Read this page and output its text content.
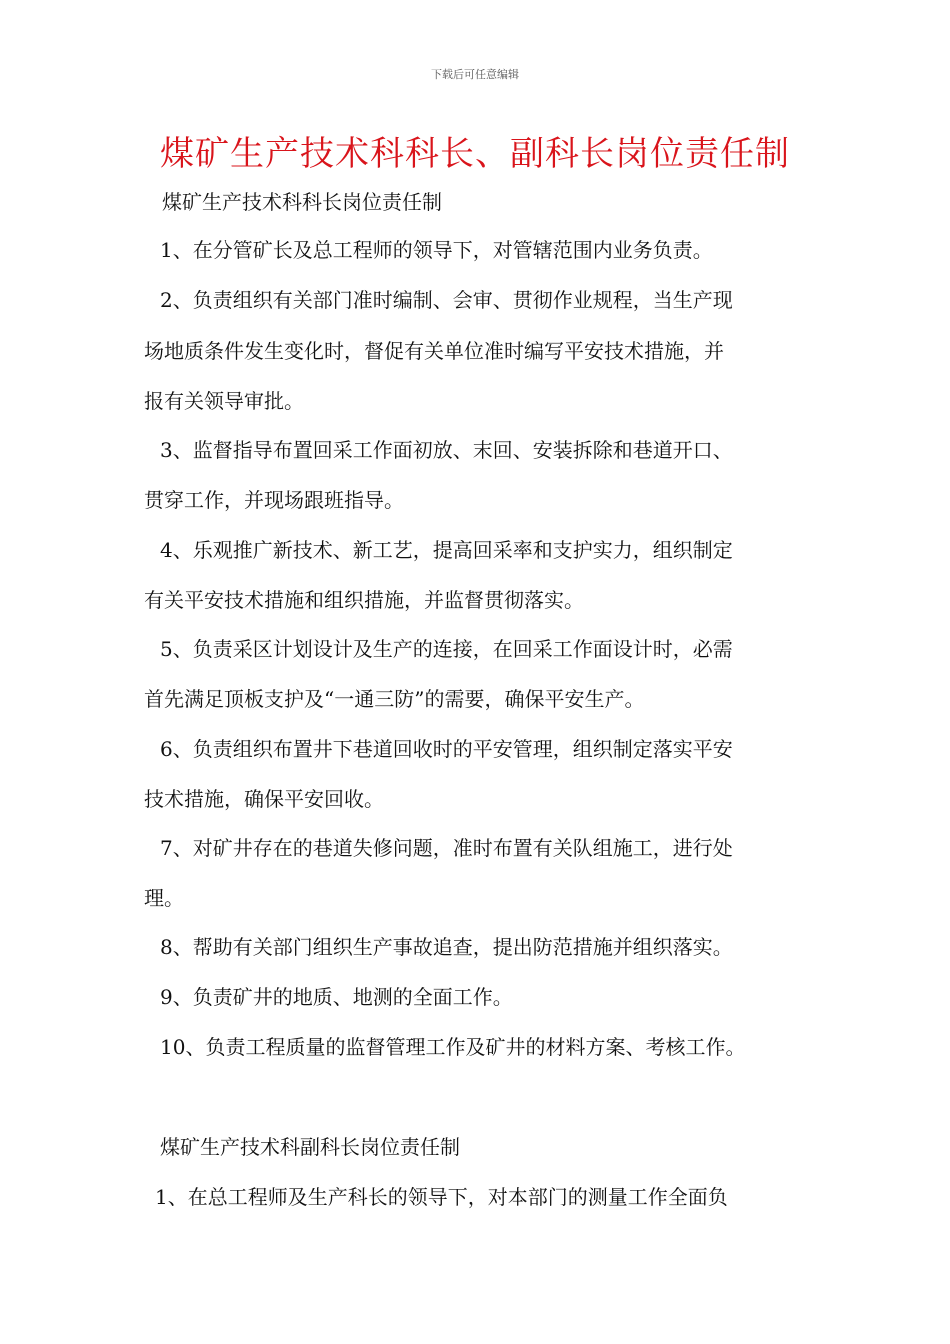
下载后可任意编辑
煤矿生产技术科科长、副科长岗位责任制
煤矿生产技术科科长岗位责任制
1、在分管矿长及总工程师的领导下，对管辖范围内业务负责。
2、负责组织有关部门准时编制、会审、贯彻作业规程，当生产现
场地质条件发生变化时，督促有关单位准时编写平安技术措施，并
报有关领导审批。
3、监督指导布置回采工作面初放、末回、安装拆除和巷道开口、
贯穿工作，并现场跟班指导。
4、乐观推广新技术、新工艺，提高回采率和支护实力，组织制定
有关平安技术措施和组织措施，并监督贯彻落实。
5、负责采区计划设计及生产的连接，在回采工作面设计时，必需
首先满足顶板支护及“一通三防”的需要，确保平安生产。
6、负责组织布置井下巷道回收时的平安管理，组织制定落实平安
技术措施，确保平安回收。
7、对矿井存在的巷道失修问题，准时布置有关队组施工，进行处
理。
8、帮助有关部门组织生产事故追查，提出防范措施并组织落实。
9、负责矿井的地质、地测的全面工作。
10、负责工程质量的监督管理工作及矿井的材料方案、考核工作。
煤矿生产技术科副科长岗位责任制
1、在总工程师及生产科长的领导下，对本部门的测量工作全面负
